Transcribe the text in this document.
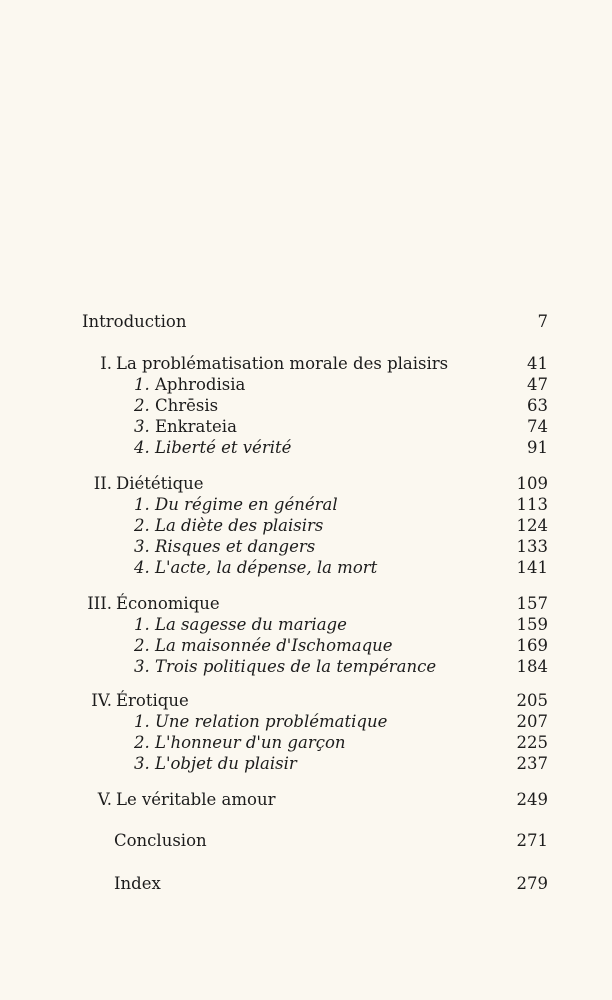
Introduction	7
I. La problématisation morale des plaisirs	41
1. Aphrodisia	47
2. Chrēsis	63
3. Enkrateia	74
4. Liberté et vérité	91
II. Diététique	109
1. Du régime en général	113
2. La diète des plaisirs	124
3. Risques et dangers	133
4. L'acte, la dépense, la mort	141
III. Économique	157
1. La sagesse du mariage	159
2. La maisonnée d'Ischomaque	169
3. Trois politiques de la tempérance	184
IV. Érotique	205
1. Une relation problématique	207
2. L'honneur d'un garçon	225
3. L'objet du plaisir	237
V. Le véritable amour	249
Conclusion	271
Index	279
